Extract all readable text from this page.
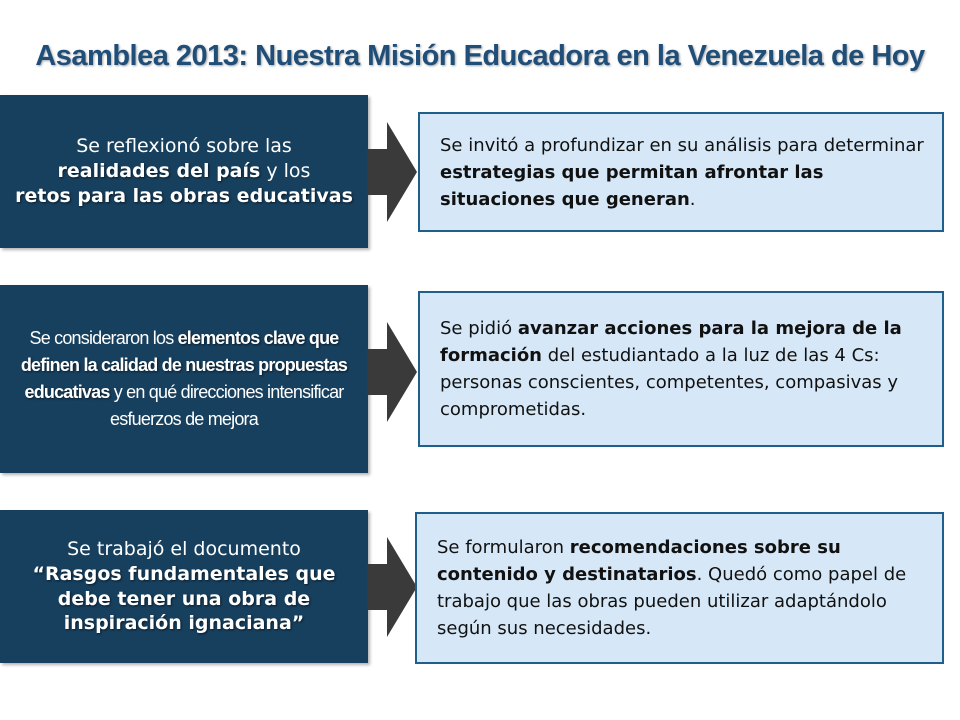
Asamblea 2013: Nuestra Misión Educadora en la Venezuela de Hoy
Se reflexionó sobre las
realidades del país y los
retos para las obras educativas
Se invitó a profundizar en su análisis para determinar estrategias que permitan afrontar las situaciones que generan.
Se consideraron los elementos clave que definen la calidad de nuestras propuestas educativas y en qué direcciones intensificar esfuerzos de mejora
Se pidió avanzar acciones para la mejora de la formación del estudiantado a la luz de las 4 Cs: personas conscientes, competentes, compasivas y comprometidas.
Se trabajó el documento
“Rasgos fundamentales que debe tener una obra de inspiración ignaciana”
Se formularon recomendaciones sobre su contenido y destinatarios. Quedó como papel de trabajo que las obras pueden utilizar adaptándolo según sus necesidades.
